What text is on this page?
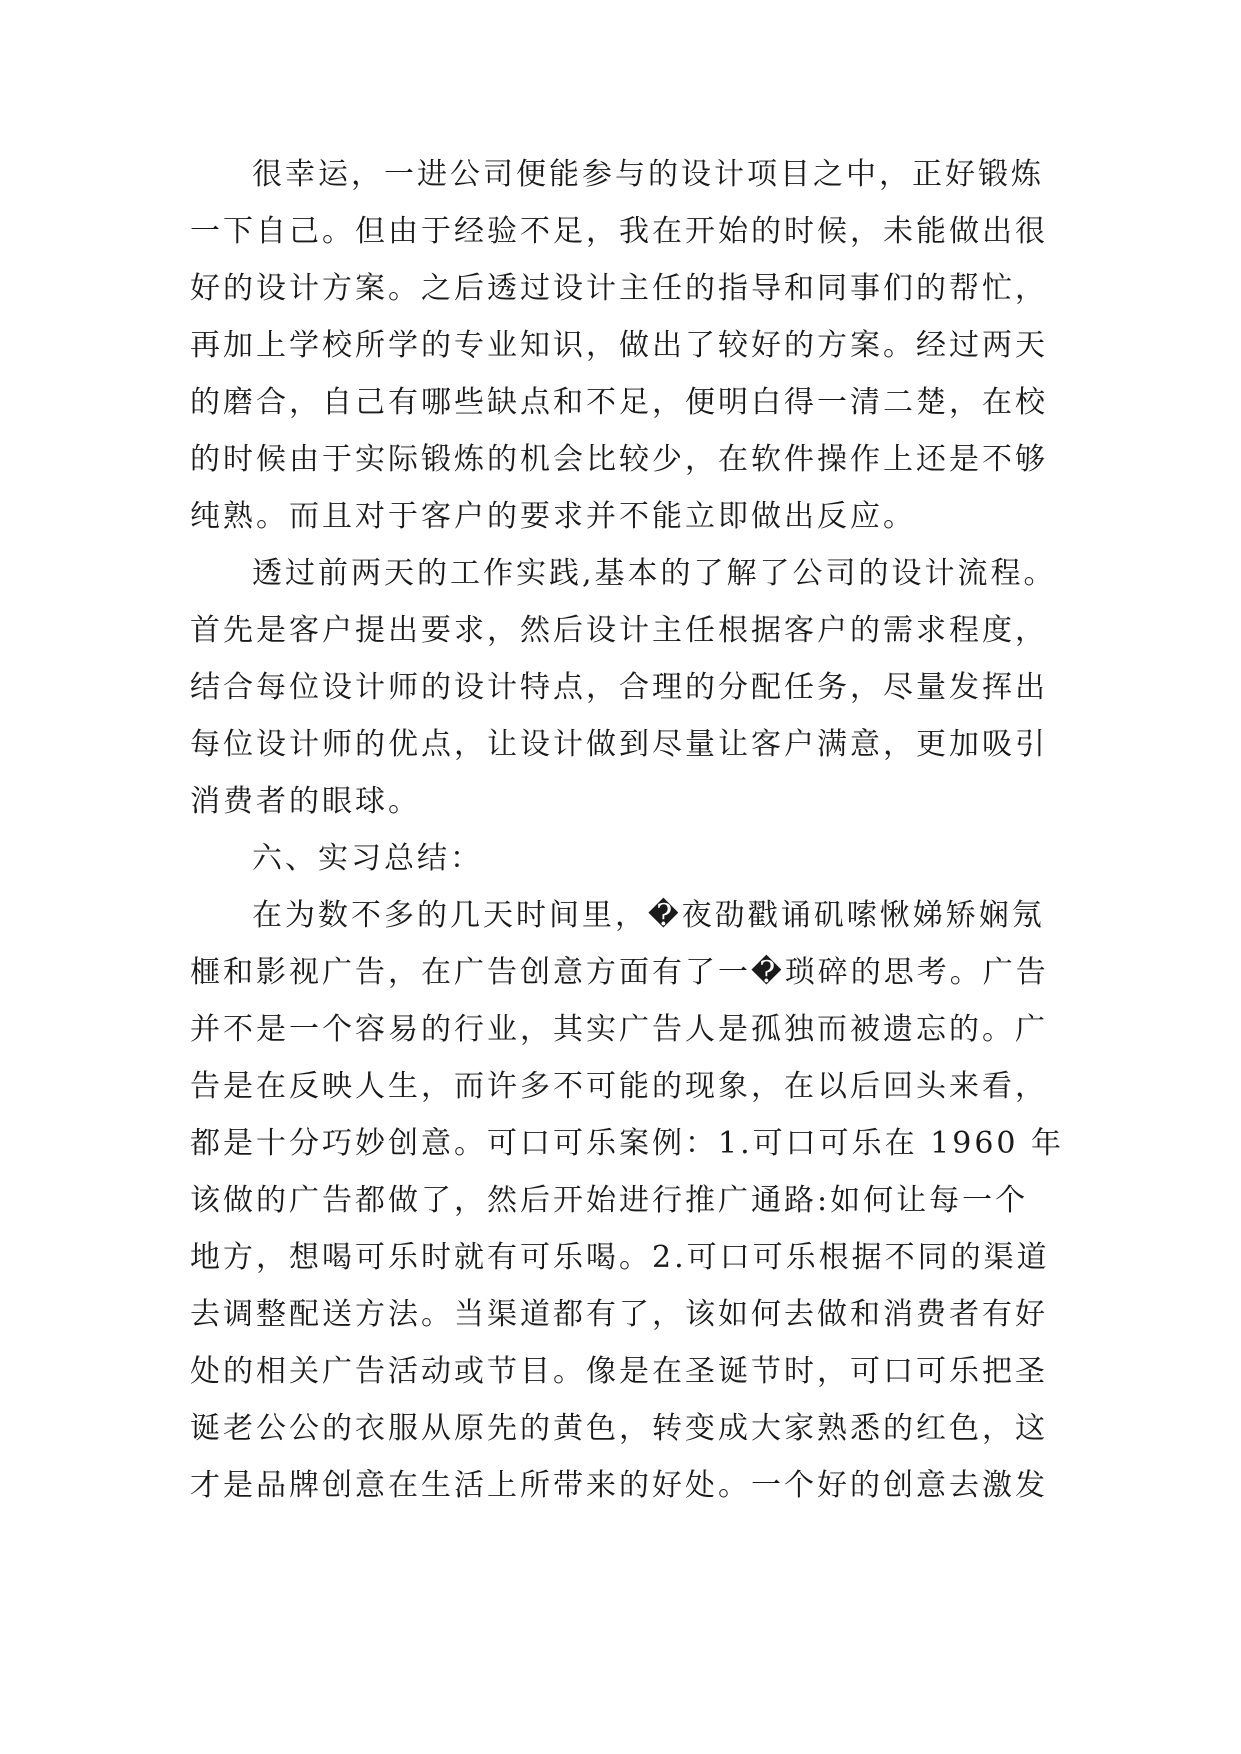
很幸运，一进公司便能参与的设计项目之中，正好锻炼
一下自己。但由于经验不足，我在开始的时候，未能做出很
好的设计方案。之后透过设计主任的指导和同事们的帮忙，
再加上学校所学的专业知识，做出了较好的方案。经过两天
的磨合，自己有哪些缺点和不足，便明白得一清二楚，在校
的时候由于实际锻炼的机会比较少，在软件操作上还是不够
纯熟。而且对于客户的要求并不能立即做出反应。
透过前两天的工作实践,基本的了解了公司的设计流程。
首先是客户提出要求，然后设计主任根据客户的需求程度，
结合每位设计师的设计特点，合理的分配任务，尽量发挥出
每位设计师的优点，让设计做到尽量让客户满意，更加吸引
消费者的眼球。
六、实习总结：
在为数不多的几天时间里，�夜劭戳诵矶嗦愀娣矫娴氖
榧和影视广告，在广告创意方面有了一�琐碎的思考。广告
并不是一个容易的行业，其实广告人是孤独而被遗忘的。广
告是在反映人生，而许多不可能的现象，在以后回头来看，
都是十分巧妙创意。可口可乐案例：1.可口可乐在 1960 年
该做的广告都做了，然后开始进行推广通路:如何让每一个
地方，想喝可乐时就有可乐喝。2.可口可乐根据不同的渠道
去调整配送方法。当渠道都有了，该如何去做和消费者有好
处的相关广告活动或节目。像是在圣诞节时，可口可乐把圣
诞老公公的衣服从原先的黄色，转变成大家熟悉的红色，这
才是品牌创意在生活上所带来的好处。一个好的创意去激发
